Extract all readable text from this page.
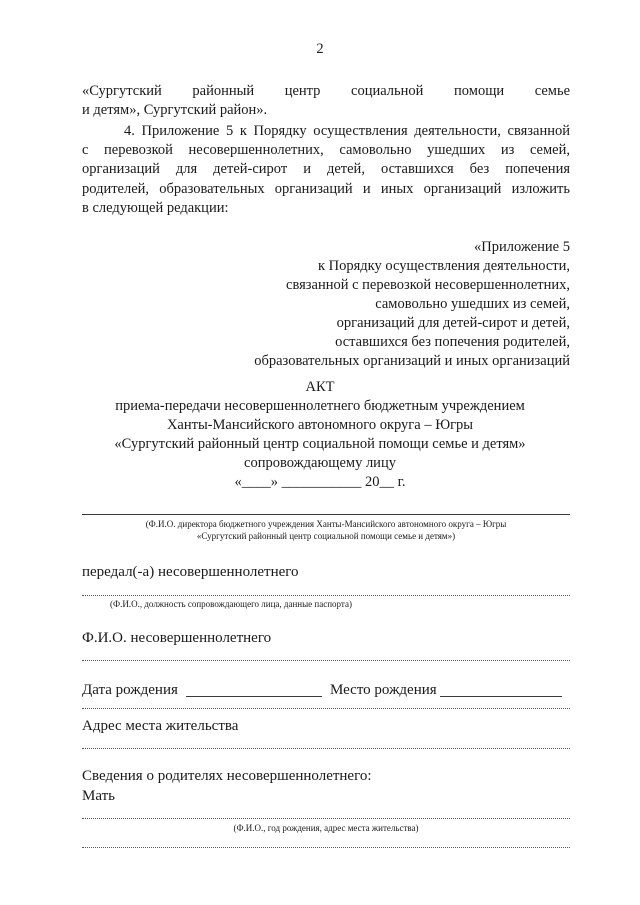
2
«Сургутский районный центр социальной помощи семье
и детям», Сургутский район».
4. Приложение 5 к Порядку осуществления деятельности, связанной
с перевозкой несовершеннолетних, самовольно ушедших из семей,
организаций для детей-сирот и детей, оставшихся без попечения
родителей, образовательных организаций и иных организаций изложить
в следующей редакции:
«Приложение 5
к Порядку осуществления деятельности,
связанной с перевозкой несовершеннолетних,
самовольно ушедших из семей,
организаций для детей-сирот и детей,
оставшихся без попечения родителей,
образовательных организаций и иных организаций
АКТ
приема-передачи несовершеннолетнего бюджетным учреждением
Ханты-Мансийского автономного округа – Югры
«Сургутский районный центр социальной помощи семье и детям»
сопровождающему лицу
«____» ___________ 20__ г.
(Ф.И.О. директора бюджетного учреждения Ханты-Мансийского автономного округа – Югры
«Сургутский районный центр социальной помощи семье и детям»)
передал(-а) несовершеннолетнего
(Ф.И.О., должность сопровождающего лица, данные паспорта)
Ф.И.О. несовершеннолетнего
Дата рождения	Место рождения
Адрес места жительства
Сведения о родителях несовершеннолетнего:
Мать
(Ф.И.О., год рождения, адрес места жительства)
